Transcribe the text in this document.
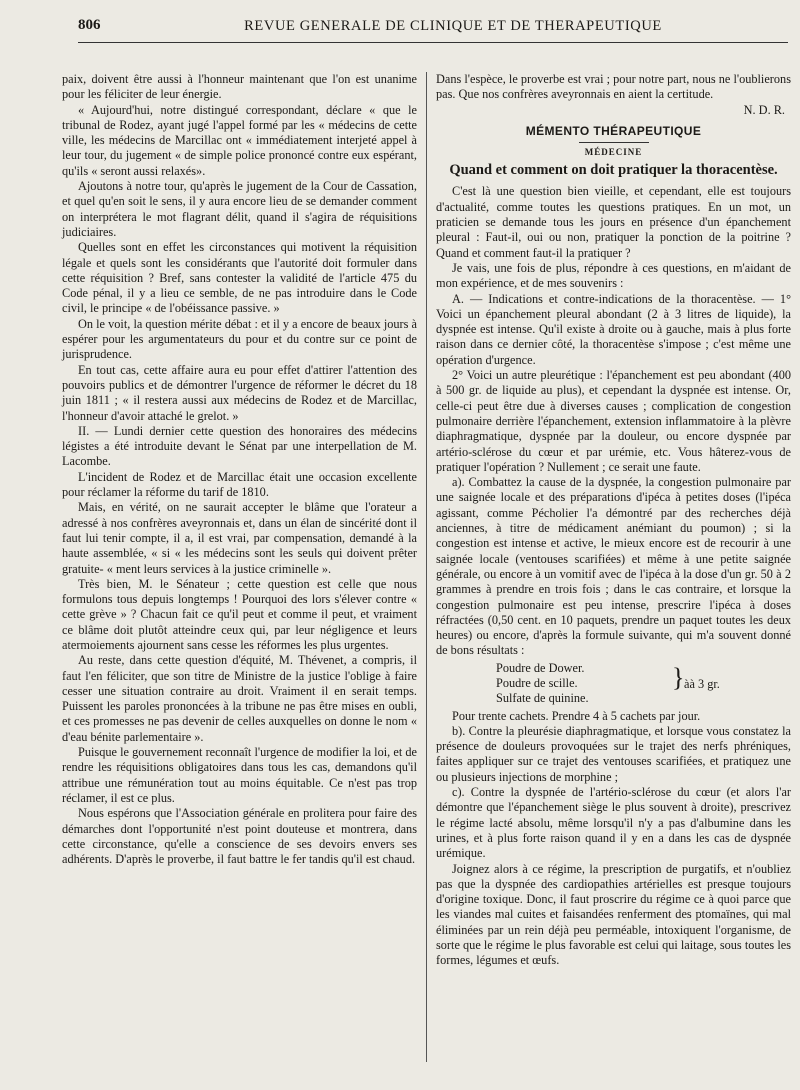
806	REVUE GENERALE DE CLINIQUE ET DE THERAPEUTIQUE

paix, doivent être aussi à l'honneur maintenant que l'on est unanime pour les féliciter de leur énergie.

« Aujourd'hui, notre distingué correspondant, déclare « que le tribunal de Rodez, ayant jugé l'appel formé par les « médecins de cette ville, les médecins de Marcillac ont « immédiatement interjeté appel à leur tour, du jugement « de simple police prononcé contre eux espérant, qu'ils « seront aussi relaxés».

Ajoutons à notre tour, qu'après le jugement de la Cour de Cassation, et quel qu'en soit le sens, il y aura encore lieu de se demander comment on interprétera le mot flagrant délit, quand il s'agira de réquisitions judiciaires.

Quelles sont en effet les circonstances qui motivent la réquisition légale et quels sont les considérants que l'autorité doit formuler dans cette réquisition ? Bref, sans contester la validité de l'article 475 du Code pénal, il y a lieu ce semble, de ne pas introduire dans le Code civil, le principe « de l'obéissance passive. »

On le voit, la question mérite débat : et il y a encore de beaux jours à espérer pour les argumentateurs du pour et du contre sur ce point de jurisprudence.

En tout cas, cette affaire aura eu pour effet d'attirer l'attention des pouvoirs publics et de démontrer l'urgence de réformer le décret du 18 juin 1811 ; « il restera aussi aux médecins de Rodez et de Marcillac, l'honneur d'avoir attaché le grelot. »

II. — Lundi dernier cette question des honoraires des médecins légistes a été introduite devant le Sénat par une interpellation de M. Lacombe.

L'incident de Rodez et de Marcillac était une occasion excellente pour réclamer la réforme du tarif de 1810.

Mais, en vérité, on ne saurait accepter le blâme que l'orateur a adressé à nos confrères aveyronnais et, dans un élan de sincérité dont il faut lui tenir compte, il a, il est vrai, par compensation, demandé à la haute assemblée, « si « les médecins sont les seuls qui doivent prêter gratuite- « ment leurs services à la justice criminelle ».

Très bien, M. le Sénateur ; cette question est celle que nous formulons tous depuis longtemps ! Pourquoi des lors s'élever contre « cette grève » ? Chacun fait ce qu'il peut et comme il peut, et vraiment ce blâme doit plutôt atteindre ceux qui, par leur négligence et leurs atermoiements ajournent sans cesse les réformes les plus urgentes.

Au reste, dans cette question d'équité, M. Thévenet, a compris, il faut l'en féliciter, que son titre de Ministre de la justice l'oblige à faire cesser une situation contraire au droit. Vraiment il en serait temps. Puissent les paroles prononcées à la tribune ne pas être mises en oubli, et ces promesses ne pas devenir de celles auxquelles on donne le nom « d'eau bénite parlementaire ».

Puisque le gouvernement reconnaît l'urgence de modifier la loi, et de rendre les réquisitions obligatoires dans tous les cas, demandons qu'il attribue une rémunération tout au moins équitable. Ce n'est pas trop réclamer, il est ce plus.

Nous espérons que l'Association générale en prolitera pour faire des démarches dont l'opportunité n'est point douteuse et montrera, dans cette circonstance, qu'elle a conscience de ses devoirs envers ses adhérents. D'après le proverbe, il faut battre le fer tandis qu'il est chaud.

Dans l'espèce, le proverbe est vrai ; pour notre part, nous ne l'oublierons pas. Que nos confrères aveyronnais en aient la certitude.

N. D. R.
MÉMENTO THÉRAPEUTIQUE
MÉDECINE
Quand et comment on doit pratiquer la thoracentèse.

C'est là une question bien vieille, et cependant, elle est toujours d'actualité, comme toutes les questions pratiques. En un mot, un praticien se demande tous les jours en présence d'un épanchement pleural : Faut-il, oui ou non, pratiquer la ponction de la poitrine ? Quand et comment faut-il la pratiquer ?

Je vais, une fois de plus, répondre à ces questions, en m'aidant de mon expérience, et de mes souvenirs :

A. — Indications et contre-indications de la thoracentèse. — 1° Voici un épanchement pleural abondant (2 à 3 litres de liquide), la dyspnée est intense. Qu'il existe à droite ou à gauche, mais à plus forte raison dans ce dernier côté, la thoracentèse s'impose ; c'est même une opération d'urgence.

2° Voici un autre pleurétique : l'épanchement est peu abondant (400 à 500 gr. de liquide au plus), et cependant la dyspnée est intense. Or, celle-ci peut être due à diverses causes ; complication de congestion pulmonaire derrière l'épanchement, extension inflammatoire à la plèvre diaphragmatique, dyspnée par la douleur, ou encore dyspnée par artério-sclérose du cœur et par urémie, etc. Vous hâterez-vous de pratiquer l'opération ? Nullement ; ce serait une faute.

a). Combattez la cause de la dyspnée, la congestion pulmonaire par une saignée locale et des préparations d'ipéca à petites doses (l'ipéca agissant, comme Pécholier l'a démontré par des recherches déjà anciennes, à titre de médicament anémiant du poumon) ; si la congestion est intense et active, le mieux encore est de recourir à une saignée locale (ventouses scarifiées) et même à une petite saignée générale, ou encore à un vomitif avec de l'ipéca à la dose d'un gr. 50 à 2 grammes à prendre en trois fois ; dans le cas contraire, et lorsque la congestion pulmonaire est peu intense, prescrire l'ipéca à doses réfractées (0,50 cent. en 10 paquets, prendre un paquet toutes les deux heures) ou encore, d'après la formule suivante, qui m'a souvent donné de bons résultats :

Poudre de Dower.
Poudre de scille.
Sulfate de quinine.
} àà 3 gr.

Pour trente cachets. Prendre 4 à 5 cachets par jour.

b). Contre la pleurésie diaphragmatique, et lorsque vous constatez la présence de douleurs provoquées sur le trajet des nerfs phréniques, faites appliquer sur ce trajet des ventouses scarifiées, et pratiquez une ou plusieurs injections de morphine ;

c). Contre la dyspnée de l'artério-sclérose du cœur (et alors l'ar démontre que l'épanchement siège le plus souvent à droite), prescrivez le régime lacté absolu, même lorsqu'il n'y a pas d'albumine dans les urines, et à plus forte raison quand il y en a dans les cas de dyspnée urémique.

Joignez alors à ce régime, la prescription de purgatifs, et n'oubliez pas que la dyspnée des cardiopathies artérielles est presque toujours d'origine toxique. Donc, il faut proscrire du régime ce à quoi parce que les viandes mal cuites et faisandées renferment des ptomaïnes, qui mal éliminées par un rein déjà peu perméable, intoxiquent l'organisme, de sorte que le régime le plus favorable est celui qui laitage, sous toutes les formes, légumes et œufs.
